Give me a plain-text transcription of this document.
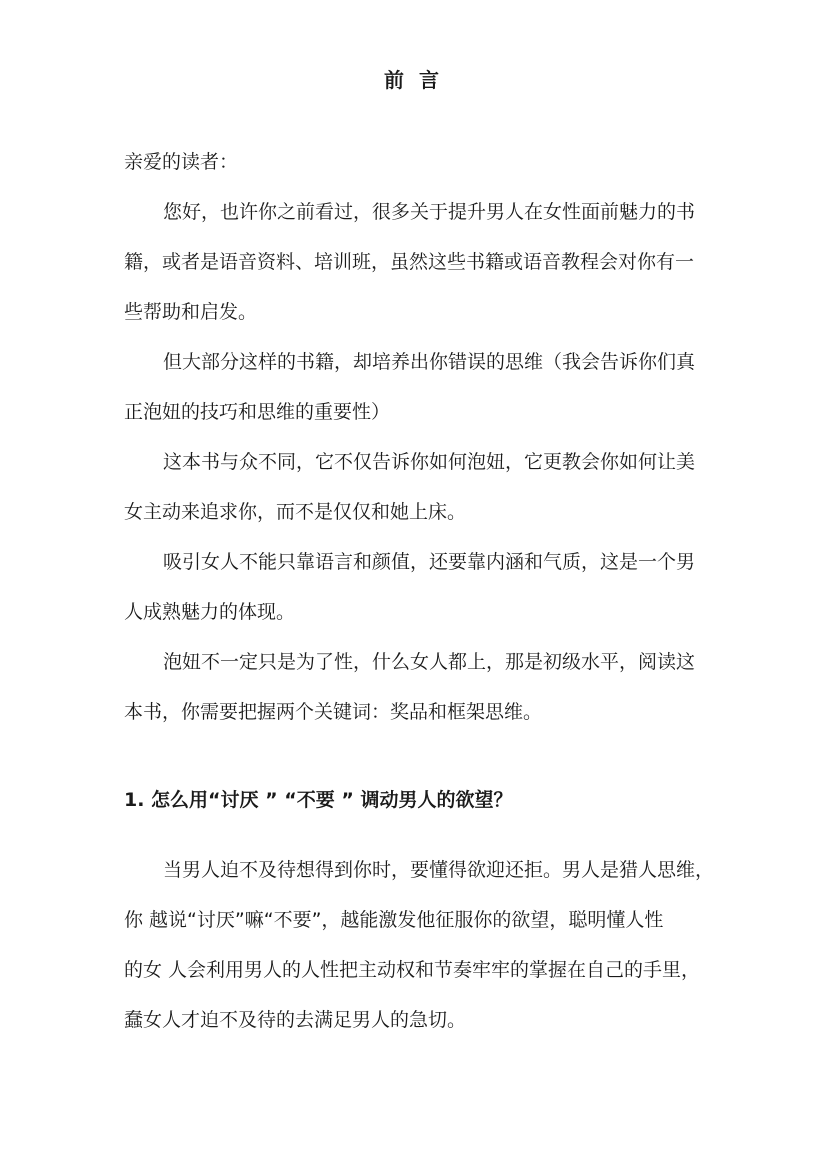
前 言
亲爱的读者：
您好，也许你之前看过，很多关于提升男人在女性面前魅力的书
籍，或者是语音资料、培训班，虽然这些书籍或语音教程会对你有一
些帮助和启发。
但大部分这样的书籍，却培养出你错误的思维（我会告诉你们真
正泡妞的技巧和思维的重要性）
这本书与众不同，它不仅告诉你如何泡妞，它更教会你如何让美
女主动来追求你，而不是仅仅和她上床。
吸引女人不能只靠语言和颜值，还要靠内涵和气质，这是一个男
人成熟魅力的体现。
泡妞不一定只是为了性，什么女人都上，那是初级水平，阅读这
本书，你需要把握两个关键词：奖品和框架思维。
1. 怎么用“讨厌 ” “不要 ” 调动男人的欲望？
当男人迫不及待想得到你时，要懂得欲迎还拒。男人是猎人思维，
你 越说“讨厌”嘛“不要”，越能激发他征服你的欲望，聪明懂人性
的女 人会利用男人的人性把主动权和节奏牢牢的掌握在自己的手里，
蠢女人才迫不及待的去满足男人的急切。
